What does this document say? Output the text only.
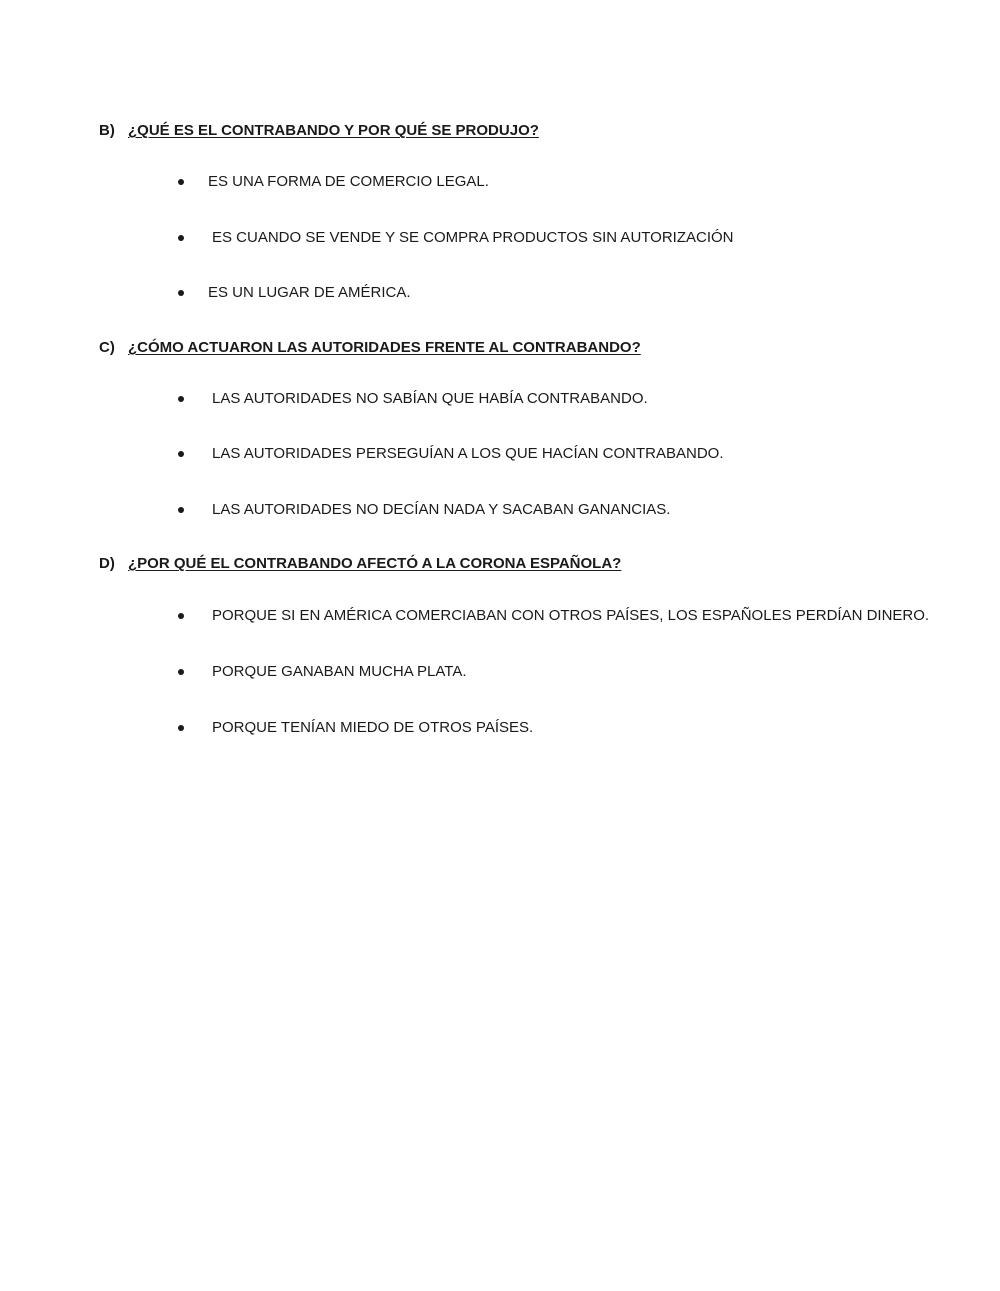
B) ¿QUÉ ES EL CONTRABANDO Y POR QUÉ SE PRODUJO?
ES UNA FORMA DE COMERCIO LEGAL.
ES CUANDO SE VENDE Y SE COMPRA PRODUCTOS SIN AUTORIZACIÓN
ES UN LUGAR DE AMÉRICA.
C) ¿CÓMO ACTUARON LAS AUTORIDADES FRENTE AL CONTRABANDO?
LAS AUTORIDADES NO SABÍAN QUE HABÍA CONTRABANDO.
LAS AUTORIDADES PERSEGUÍAN A LOS QUE HACÍAN CONTRABANDO.
LAS AUTORIDADES NO DECÍAN NADA Y SACABAN GANANCIAS.
D) ¿POR QUÉ EL CONTRABANDO AFECTÓ A LA CORONA ESPAÑOLA?
PORQUE SI EN AMÉRICA COMERCIABAN CON OTROS PAÍSES, LOS ESPAÑOLES PERDÍAN DINERO.
PORQUE GANABAN MUCHA PLATA.
PORQUE TENÍAN MIEDO DE OTROS PAÍSES.
